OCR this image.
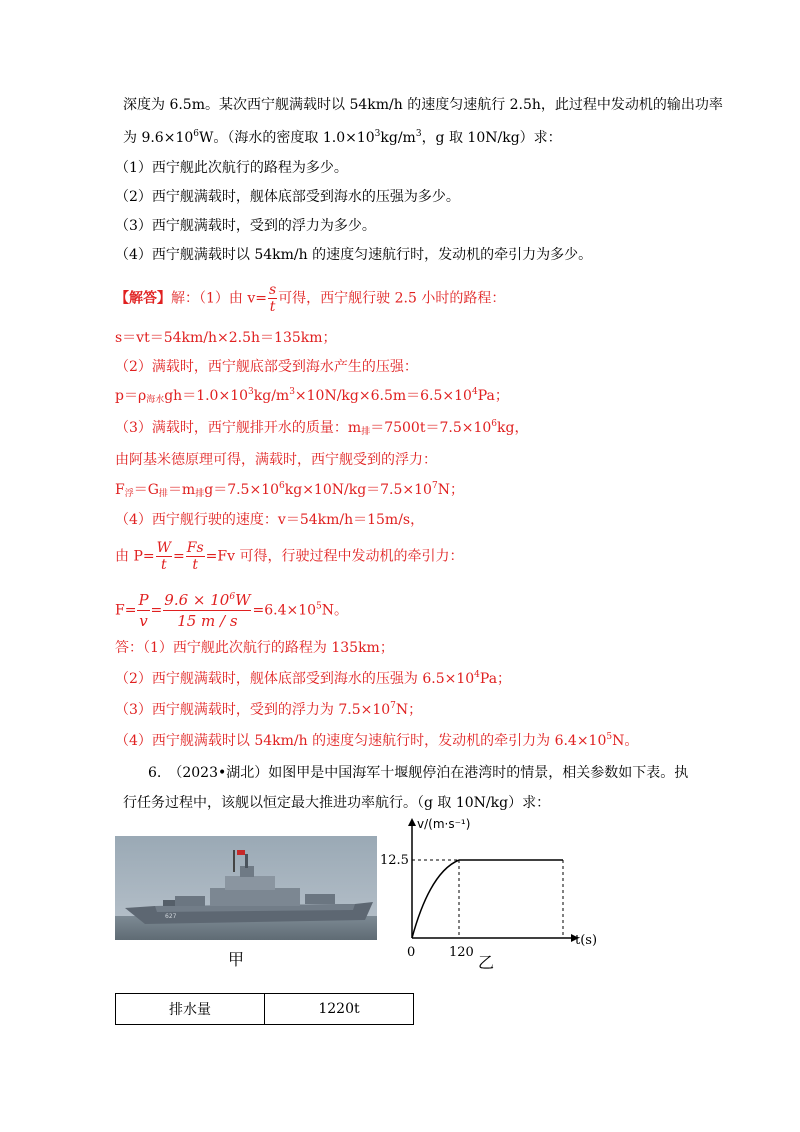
深度为 6.5m。某次西宁舰满载时以 54km/h 的速度匀速航行 2.5h，此过程中发动机的输出功率
为 $9.6\times 10^6W$。（海水的密度取 $1.0\times 10^3kg/m^3$，g 取 10N/kg）求：
（1）西宁舰此次航行的路程为多少。
（2）西宁舰满载时，舰体底部受到海水的压强为多少。
（3）西宁舰满载时，受到的浮力为多少。
（4）西宁舰满载时以 54km/h 的速度匀速航行时，发动机的牵引力为多少。
【解答】解：（1）由 $v= \frac{s}{t}$ 可得，西宁舰行驶 2.5 小时的路程：
s＝vt＝54km/h×2.5h＝135km；
（2）满载时，西宁舰底部受到海水产生的压强：
$p=\rho_{海水}gh=1.0\times 10^3kg/m^3\times 10N/kg\times 6.5m=6.5\times 10^4Pa$；
（3）满载时，西宁舰排开水的质量：$m_排=7500t=7.5\times 10^6kg$，
由阿基米德原理可得，满载时，西宁舰受到的浮力：
$F_浮=G_排=m_排g=7.5\times 10^6kg\times 10N/kg=7.5\times 10^7N$；
（4）西宁舰行驶的速度：v＝54km/h＝15m/s，
由 $P= \frac{W}{t} = \frac{Fs}{t} =Fv$ 可得，行驶过程中发动机的牵引力：
$F= \frac{P}{v} = \frac{9.6 \times 10^6W}{15 m / s} =6.4\times 10^5N$。
答：（1）西宁舰此次航行的路程为 135km；
（2）西宁舰满载时，舰体底部受到海水的压强为 $6.5\times 10^4Pa$；
（3）西宁舰满载时，受到的浮力为 $7.5\times 10^7N$；
（4）西宁舰满载时以 54km/h 的速度匀速航行时，发动机的牵引力为 $6.4\times 10^5N$。
6.　（2023•湖北）如图甲是中国海军十堰舰停泊在港湾时的情景，相关参数如下表。执
行任务过程中，该舰以恒定最大推进功率航行。（g 取 10N/kg）求：
627
甲
v/(m·s⁻¹)
12.5
0	120
t(s)
乙
排水量	1220t
